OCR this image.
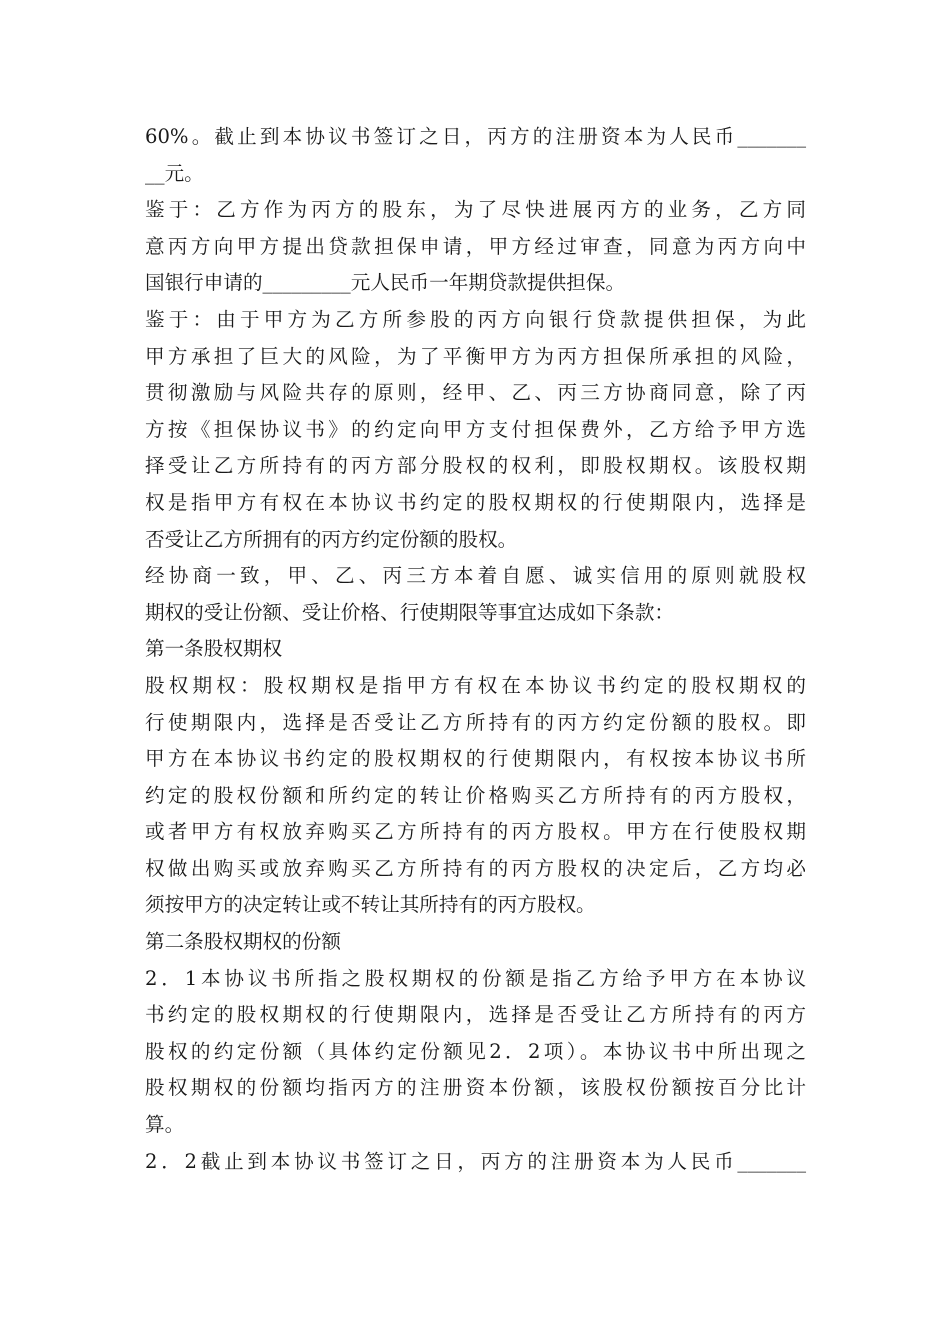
60%。截止到本协议书签订之日，丙方的注册资本为人民币_______
__元。
鉴于：乙方作为丙方的股东，为了尽快进展丙方的业务，乙方同
意丙方向甲方提出贷款担保申请，甲方经过审查，同意为丙方向中
国银行申请的_________元人民币一年期贷款提供担保。
鉴于：由于甲方为乙方所参股的丙方向银行贷款提供担保，为此
甲方承担了巨大的风险，为了平衡甲方为丙方担保所承担的风险，
贯彻激励与风险共存的原则，经甲、乙、丙三方协商同意，除了丙
方按《担保协议书》的约定向甲方支付担保费外，乙方给予甲方选
择受让乙方所持有的丙方部分股权的权利，即股权期权。该股权期
权是指甲方有权在本协议书约定的股权期权的行使期限内，选择是
否受让乙方所拥有的丙方约定份额的股权。
经协商一致，甲、乙、丙三方本着自愿、诚实信用的原则就股权
期权的受让份额、受让价格、行使期限等事宜达成如下条款：
第一条股权期权
股权期权：股权期权是指甲方有权在本协议书约定的股权期权的
行使期限内，选择是否受让乙方所持有的丙方约定份额的股权。即
甲方在本协议书约定的股权期权的行使期限内，有权按本协议书所
约定的股权份额和所约定的转让价格购买乙方所持有的丙方股权，
或者甲方有权放弃购买乙方所持有的丙方股权。甲方在行使股权期
权做出购买或放弃购买乙方所持有的丙方股权的决定后，乙方均必
须按甲方的决定转让或不转让其所持有的丙方股权。
第二条股权期权的份额
2．1本协议书所指之股权期权的份额是指乙方给予甲方在本协议
书约定的股权期权的行使期限内，选择是否受让乙方所持有的丙方
股权的约定份额（具体约定份额见2．2项）。本协议书中所出现之
股权期权的份额均指丙方的注册资本份额，该股权份额按百分比计
算。
2．2截止到本协议书签订之日，丙方的注册资本为人民币_______
